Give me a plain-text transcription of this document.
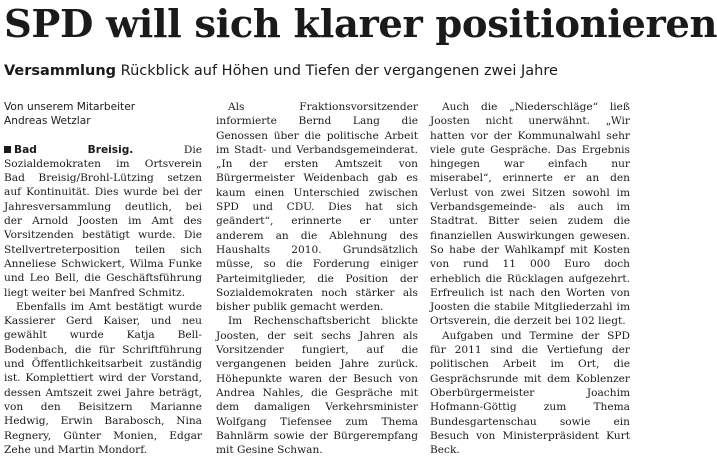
SPD will sich klarer positionieren
Versammlung Rückblick auf Höhen und Tiefen der vergangenen zwei Jahre
Von unserem Mitarbeiter
Andreas Wetzlar

Bad Breisig.	Die Sozialdemokraten im Ortsverein Bad Breisig/Brohl-Lützing setzen auf Kontinuität. Dies wurde bei der Jahresversammlung deutlich, bei der Arnold Joosten im Amt des Vorsitzenden bestätigt wurde. Die Stellvertreterposition teilen sich Anneliese Schwickert, Wilma Funke und Leo Bell, die Geschäftsführung liegt weiter bei Manfred Schmitz.

Ebenfalls im Amt bestätigt wurde Kassierer Gerd Kaiser, und neu gewählt wurde Katja Bell-Bodenbach, die für Schriftführung und Öffentlichkeitsarbeit zuständig ist. Komplettiert wird der Vorstand, dessen Amtszeit zwei Jahre beträgt, von den Beisitzern Marianne Hedwig, Erwin Barabosch, Nina Regnery, Günter Monien, Edgar Zehe und Martin Mondorf.

Als Fraktionsvorsitzender informierte Bernd Lang die Genossen über die politische Arbeit im Stadt- und Verbandsgemeinderat. „In der ersten Amtszeit von Bürgermeister Weidenbach gab es kaum einen Unterschied zwischen SPD und CDU. Dies hat sich geändert“, erinnerte er unter anderem an die Ablehnung des Haushalts 2010. Grundsätzlich müsse, so die Forderung einiger Parteimitglieder, die Position der Sozialdemokraten noch stärker als bisher publik gemacht werden.

Im Rechenschaftsbericht blickte Joosten, der seit sechs Jahren als Vorsitzender fungiert, auf die vergangenen beiden Jahre zurück. Höhepunkte waren der Besuch von Andrea Nahles, die Gespräche mit dem damaligen Verkehrsminister Wolfgang Tiefensee zum Thema Bahnlärm sowie der Bürgerempfang mit Gesine Schwan.

Auch die „Niederschläge“ ließ Joosten nicht unerwähnt. „Wir hatten vor der Kommunalwahl sehr viele gute Gespräche. Das Ergebnis hingegen war einfach nur miserabel“, erinnerte er an den Verlust von zwei Sitzen sowohl im Verbandsgemeinde- als auch im Stadtrat. Bitter seien zudem die finanziellen Auswirkungen gewesen. So habe der Wahlkampf mit Kosten von rund 11 000 Euro doch erheblich die Rücklagen aufgezehrt. Erfreulich ist nach den Worten von Joosten die stabile Mitgliederzahl im Ortsverein, die derzeit bei 102 liegt.

Aufgaben und Termine der SPD für 2011 sind die Vertiefung der politischen Arbeit im Ort, die Gesprächsrunde mit dem Koblenzer Oberbürgermeister Joachim Hofmann-Göttig zum Thema Bundesgartenschau sowie ein Besuch von Ministerpräsident Kurt Beck.
